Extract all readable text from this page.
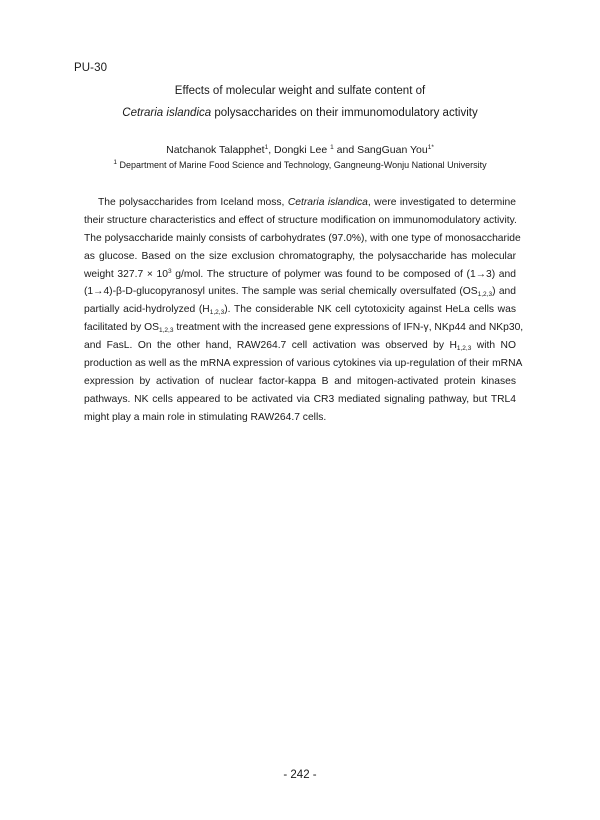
PU-30
Effects of molecular weight and sulfate content of
Cetraria islandica polysaccharides on their immunomodulatory activity
Natchanok Talapphet$^1$, Dongki Lee $^1$ and SangGuan You$^{1*}$
$^1$ Department of Marine Food Science and Technology, Gangneung-Wonju National University
The polysaccharides from Iceland moss, Cetraria islandica, were investigated to determine
their structure characteristics and effect of structure modification on immunomodulatory activity.
The polysaccharide mainly consists of carbohydrates (97.0%), with one type of monosaccharide
as glucose. Based on the size exclusion chromatography, the polysaccharide has molecular
weight $327.7 \times 10^3$ g/mol. The structure of polymer was found to be composed of (1→3) and
(1→4)-β-D-glucopyranosyl unites. The sample was serial chemically oversulfated $(OS_{1,2,3})$ and
partially acid-hydrolyzed $(H_{1,2,3})$. The considerable NK cell cytotoxicity against HeLa cells was
facilitated by $OS_{1,2,3}$ treatment with the increased gene expressions of IFN-γ, NKp44 and NKp30,
and FasL. On the other hand, RAW264.7 cell activation was observed by $H_{1,2,3}$ with NO
production as well as the mRNA expression of various cytokines via up-regulation of their mRNA
expression by activation of nuclear factor-kappa B and mitogen-activated protein kinases
pathways. NK cells appeared to be activated via CR3 mediated signaling pathway, but TRL4
might play a main role in stimulating RAW264.7 cells.
- 242 -
